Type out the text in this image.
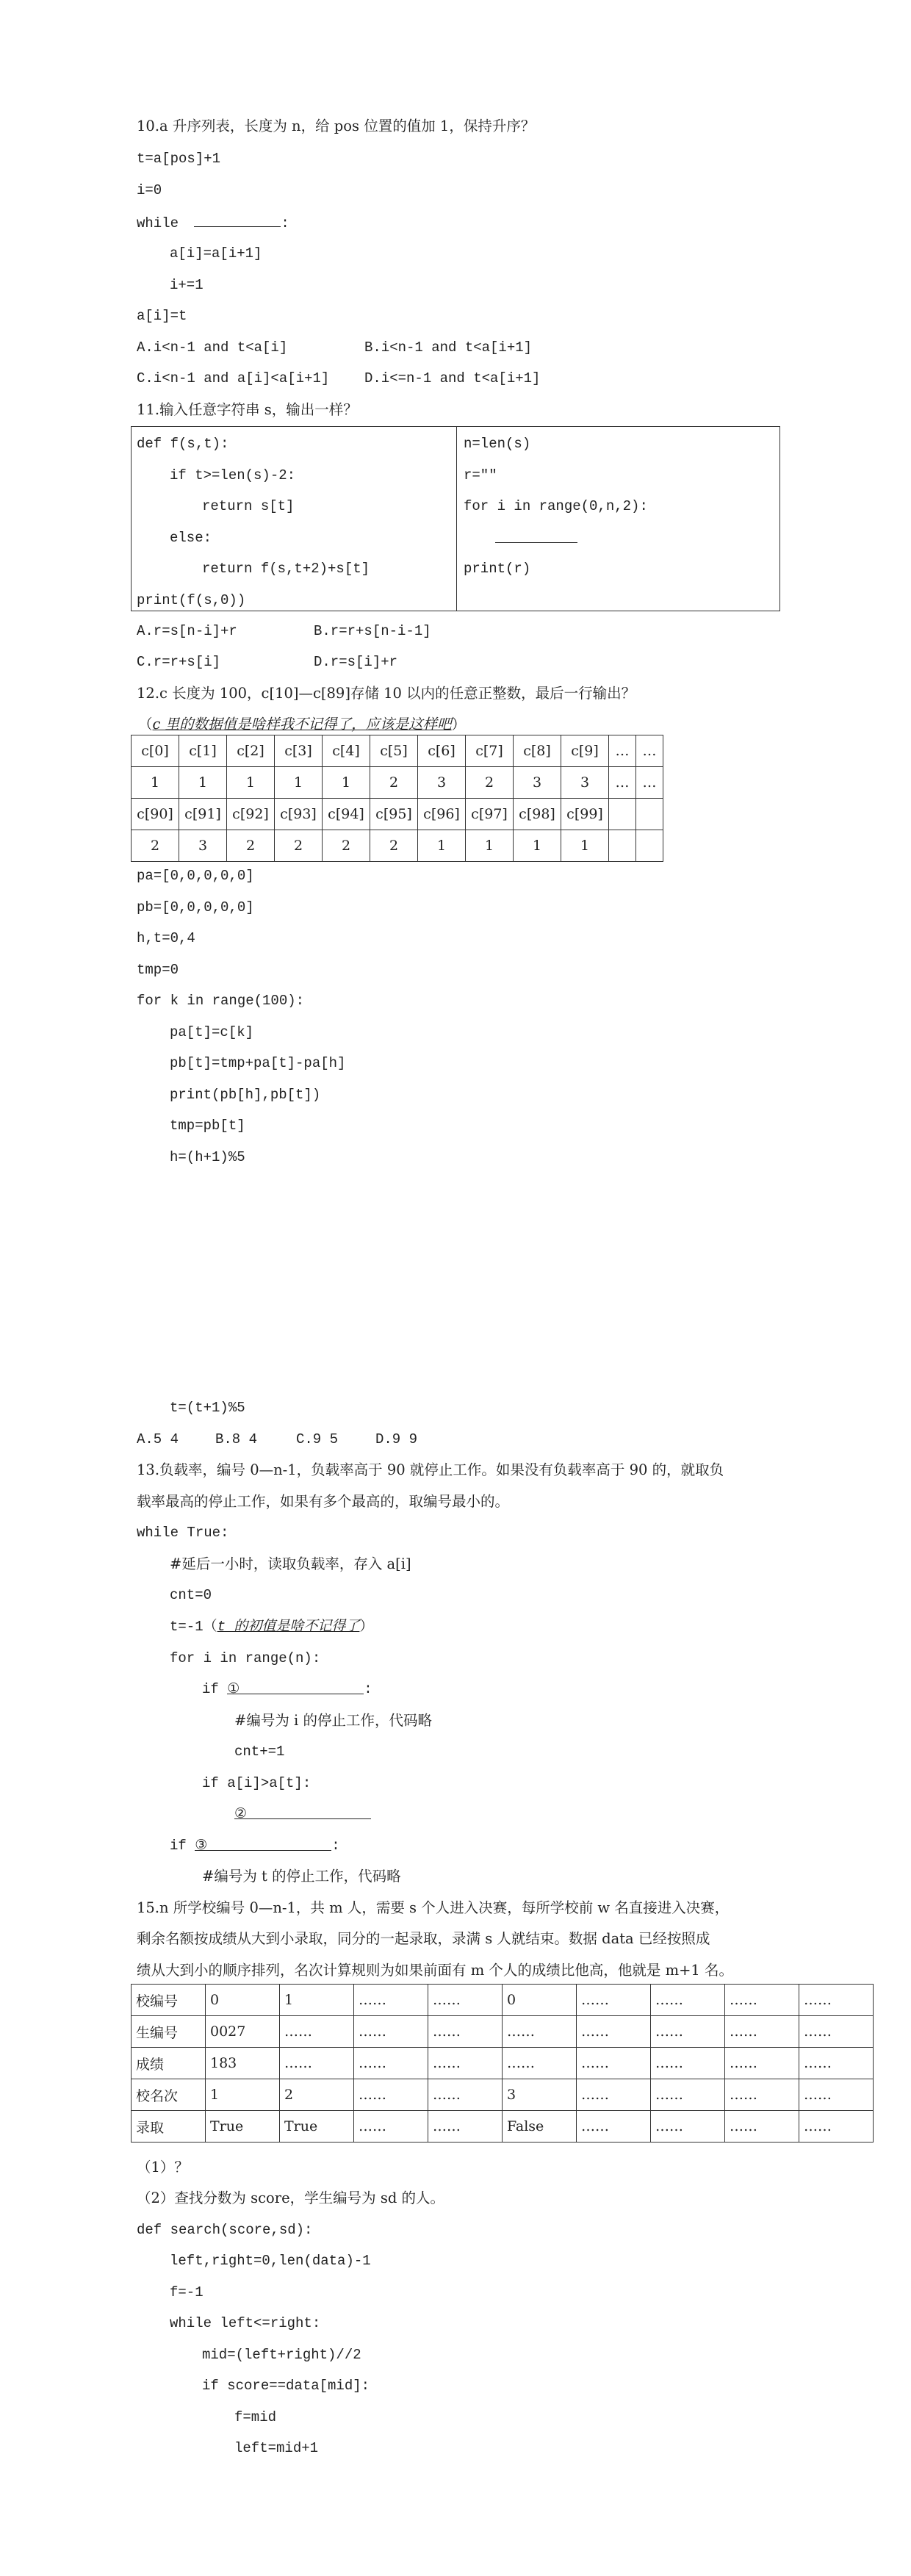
10.a 升序列表，长度为 n，给 pos 位置的值加 1，保持升序？
t=a[pos]+1
i=0
while	:
a[i]=a[i+1]
i+=1
a[i]=t
A.i<n-1 and t<a[i]	B.i<n-1 and t<a[i+1]
C.i<n-1 and a[i]<a[i+1]	D.i<=n-1 and t<a[i+1]
11.输入任意字符串 s，输出一样？
def f(s,t):
if t>=len(s)-2:
return s[t]
else:
return f(s,t+2)+s[t]
print(f(s,0))
n=len(s)
r=""
for i in range(0,n,2):
print(r)
A.r=s[n-i]+r	B.r=r+s[n-i-1]
C.r=r+s[i]	D.r=s[i]+r
12.c 长度为 100，c[10]—c[89]存储 10 以内的任意正整数，最后一行输出？
（c 里的数据值是啥样我不记得了，应该是这样吧）
c[0]	c[1]	c[2]	c[3]	c[4]	c[5]	c[6]	c[7]	c[8]	c[9]	…	…
1	1	1	1	1	2	3	2	3	3	…	…
c[90]	c[91]	c[92]	c[93]	c[94]	c[95]	c[96]	c[97]	c[98]	c[99]		
2	3	2	2	2	2	1	1	1	1		
pa=[0,0,0,0,0]
pb=[0,0,0,0,0]
h,t=0,4
tmp=0
for k in range(100):
pa[t]=c[k]
pb[t]=tmp+pa[t]-pa[h]
print(pb[h],pb[t])
tmp=pb[t]
h=(h+1)%5
t=(t+1)%5
A.5 4	B.8 4	C.9 5	D.9 9
13.负载率，编号 0—n-1，负载率高于 90 就停止工作。如果没有负载率高于 90 的，就取负
载率最高的停止工作，如果有多个最高的，取编号最小的。
while True:
#延后一小时，读取负载率，存入 a[i]
cnt=0
t=-1（t 的初值是啥不记得了）
for i in range(n):
if ①	:
#编号为 i 的停止工作，代码略
cnt+=1
if a[i]>a[t]:
②
if ③	:
#编号为 t 的停止工作，代码略
15.n 所学校编号 0—n-1，共 m 人，需要 s 个人进入决赛，每所学校前 w 名直接进入决赛，
剩余名额按成绩从大到小录取，同分的一起录取，录满 s 人就结束。数据 data 已经按照成
绩从大到小的顺序排列，名次计算规则为如果前面有 m 个人的成绩比他高，他就是 m+1 名。
校编号	0	1	……	……	0	……	……	……	……
生编号	0027	……	……	……	……	……	……	……	……
成绩	183	……	……	……	……	……	……	……	……
校名次	1	2	……	……	3	……	……	……	……
录取	True	True	……	……	False	……	……	……	……
（1）？
（2）查找分数为 score，学生编号为 sd 的人。
def search(score,sd):
left,right=0,len(data)-1
f=-1
while left<=right:
mid=(left+right)//2
if score==data[mid]:
f=mid
left=mid+1
